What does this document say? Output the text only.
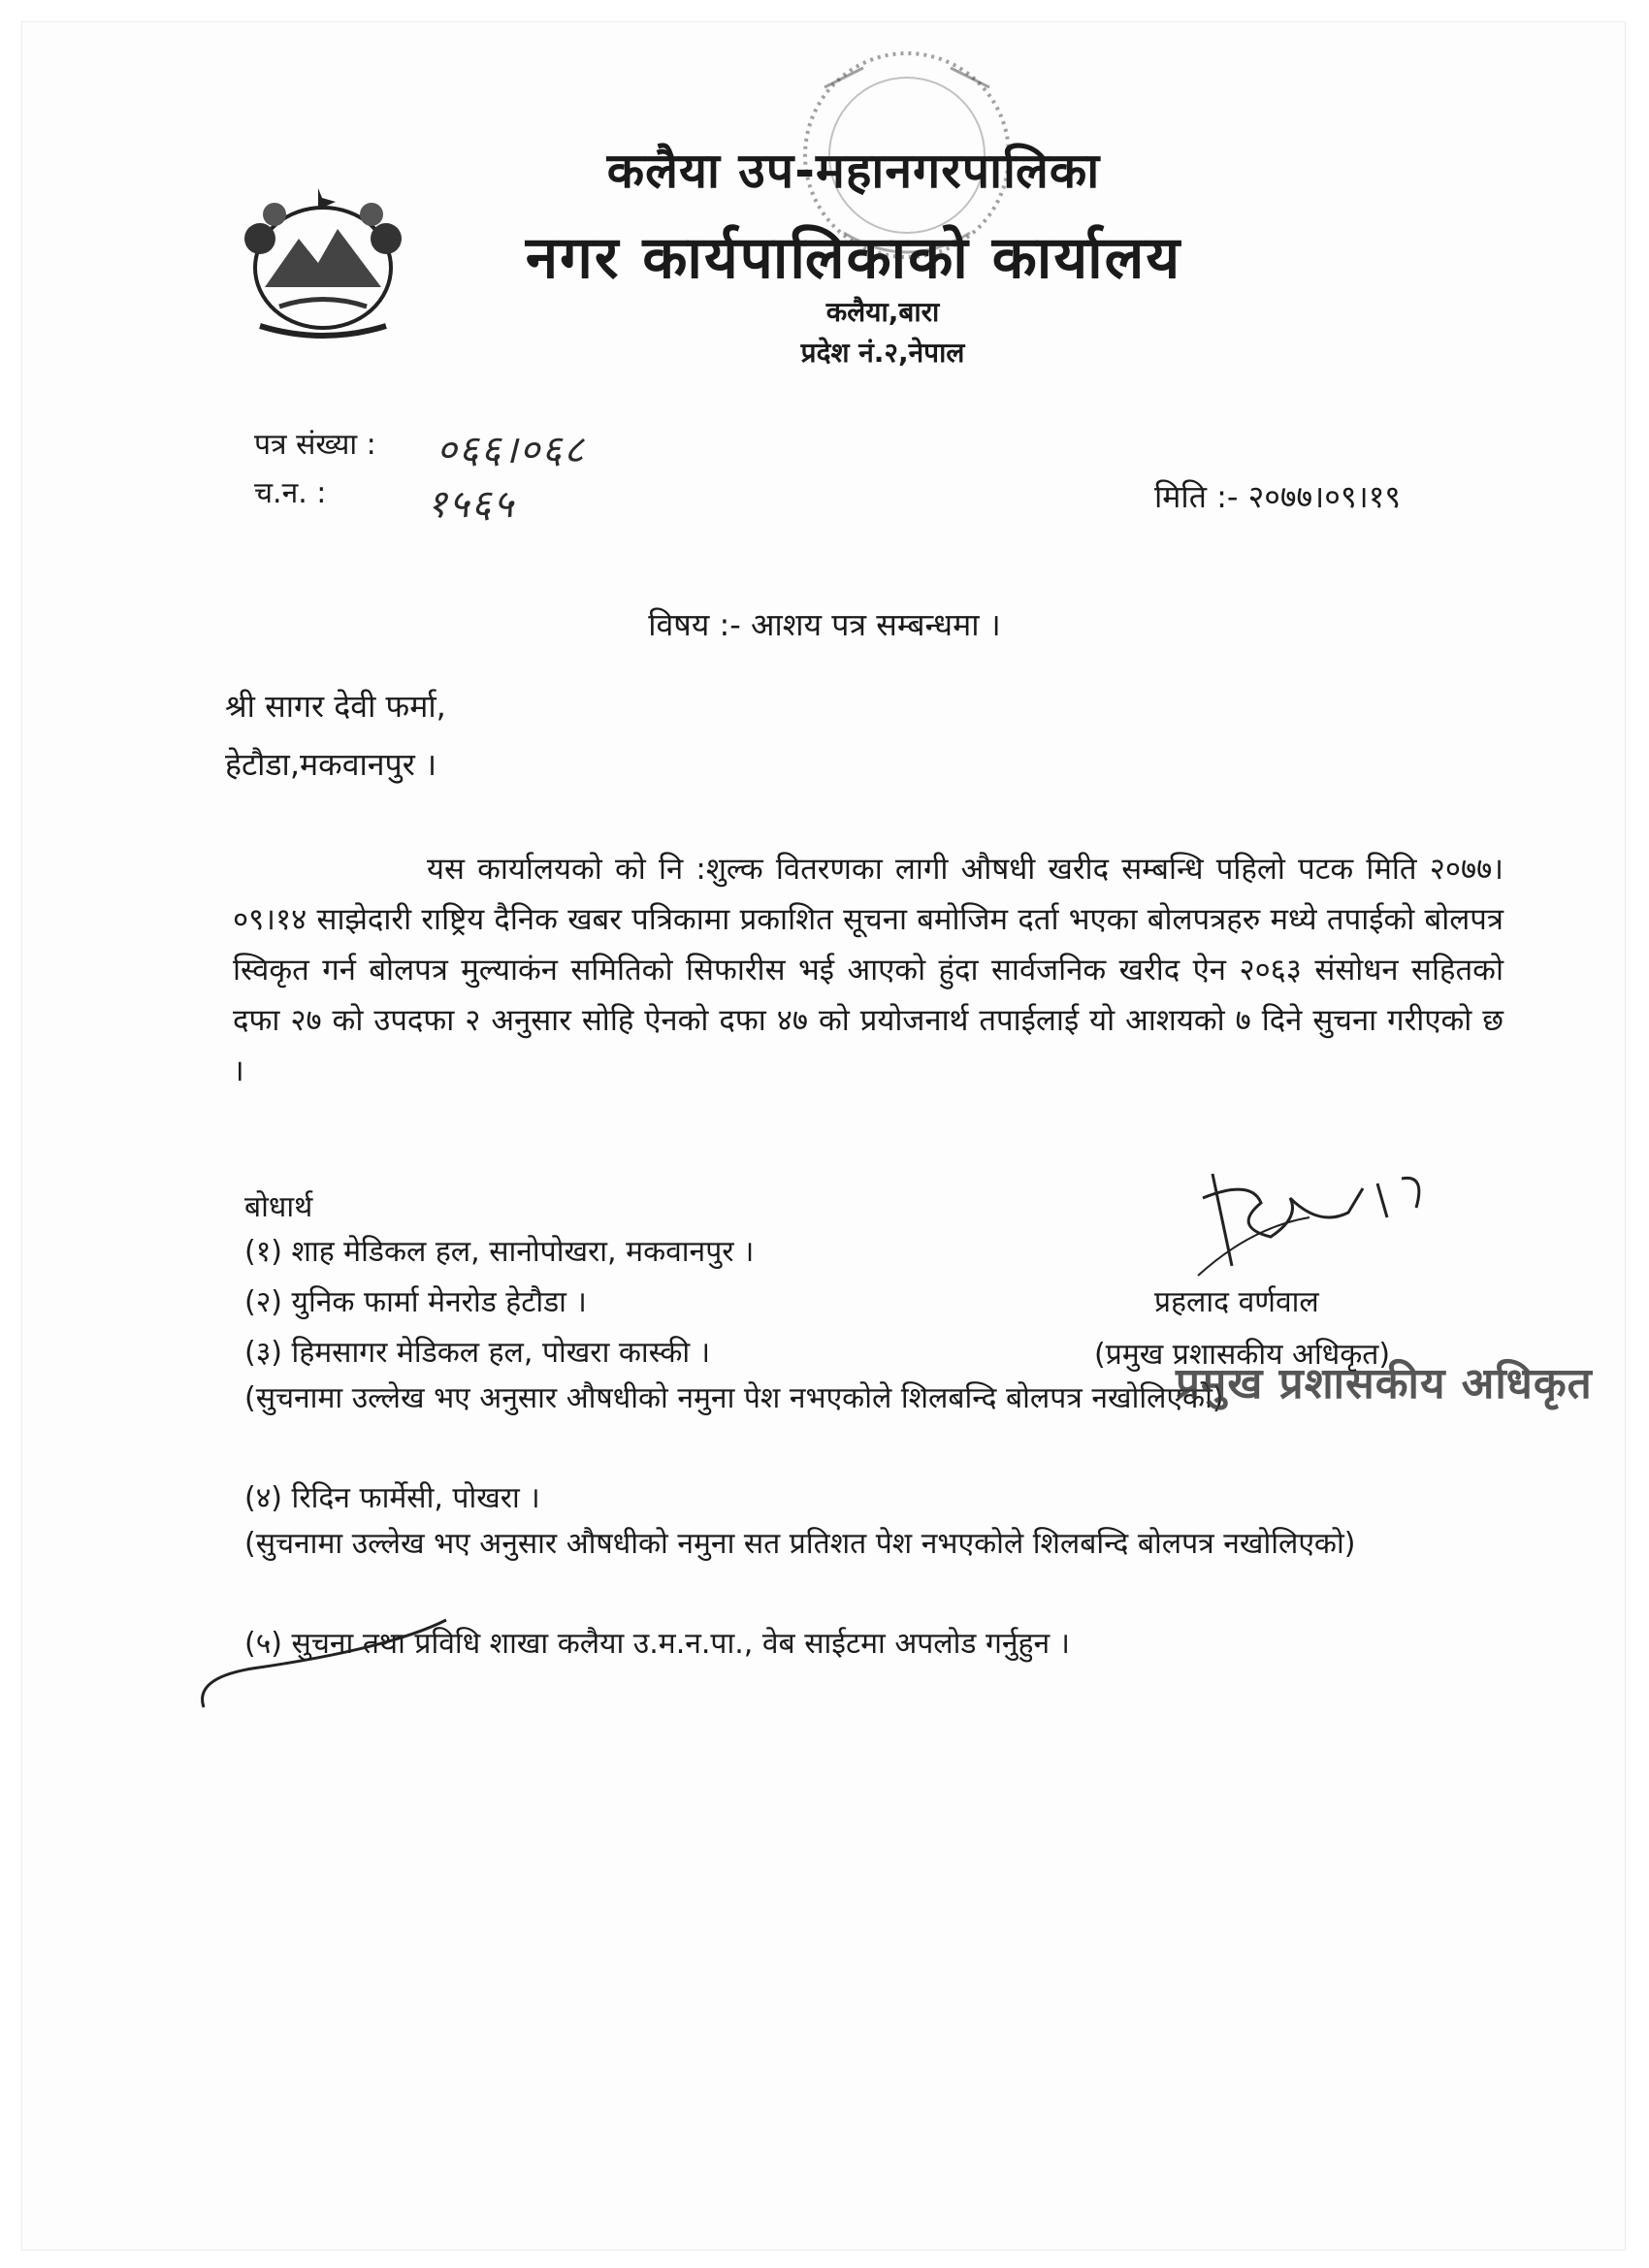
कलैया उप-महानगरपालिका
नगर कार्यपालिकाको कार्यालय
कलैया,बारा
प्रदेश नं.२,नेपाल
पत्र संख्या : ०६६।०६८
च.न. :	१५६५	मिति :- २०७७।०९।१९
विषय :- आशय पत्र सम्बन्धमा ।
श्री सागर देवी फर्मा,
हेटौडा,मकवानपुर ।
यस कार्यालयको को नि :शुल्क वितरणका लागी औषधी खरीद सम्बन्धि पहिलो पटक मिति २०७७।०९।१४ साझेदारी राष्ट्रिय दैनिक खबर पत्रिकामा प्रकाशित सूचना बमोजिम दर्ता भएका बोलपत्रहरु मध्ये तपाईको बोलपत्र स्विकृत गर्न बोलपत्र मुल्याकंन समितिको सिफारीस भई आएको हुंदा सार्वजनिक खरीद ऐन २०६३ संसोधन सहितको दफा २७ को उपदफा २ अनुसार सोहि ऐनको दफा ४७ को प्रयोजनार्थ तपाईलाई यो आशयको ७ दिने सुचना गरीएको छ ।
बोधार्थ
(१) शाह मेडिकल हल, सानोपोखरा, मकवानपुर ।
(२) युनिक फार्मा मेनरोड हेटौडा ।
(३) हिमसागर मेडिकल हल, पोखरा कास्की ।
(सुचनामा उल्लेख भए अनुसार औषधीको नमुना पेश नभएकोले शिलबन्दि बोलपत्र नखोलिएको)
(४) रिदिन फार्मेसी, पोखरा ।
(सुचनामा उल्लेख भए अनुसार औषधीको नमुना सत प्रतिशत पेश नभएकोले शिलबन्दि बोलपत्र नखोलिएको)
(५) सुचना तथा प्रविधि शाखा कलैया उ.म.न.पा., वेब साईटमा अपलोड गर्नुहुन ।
प्रहलाद वर्णवाल
(प्रमुख प्रशासकीय अधिकृत)
प्रमुख प्रशासकीय अधिकृत
